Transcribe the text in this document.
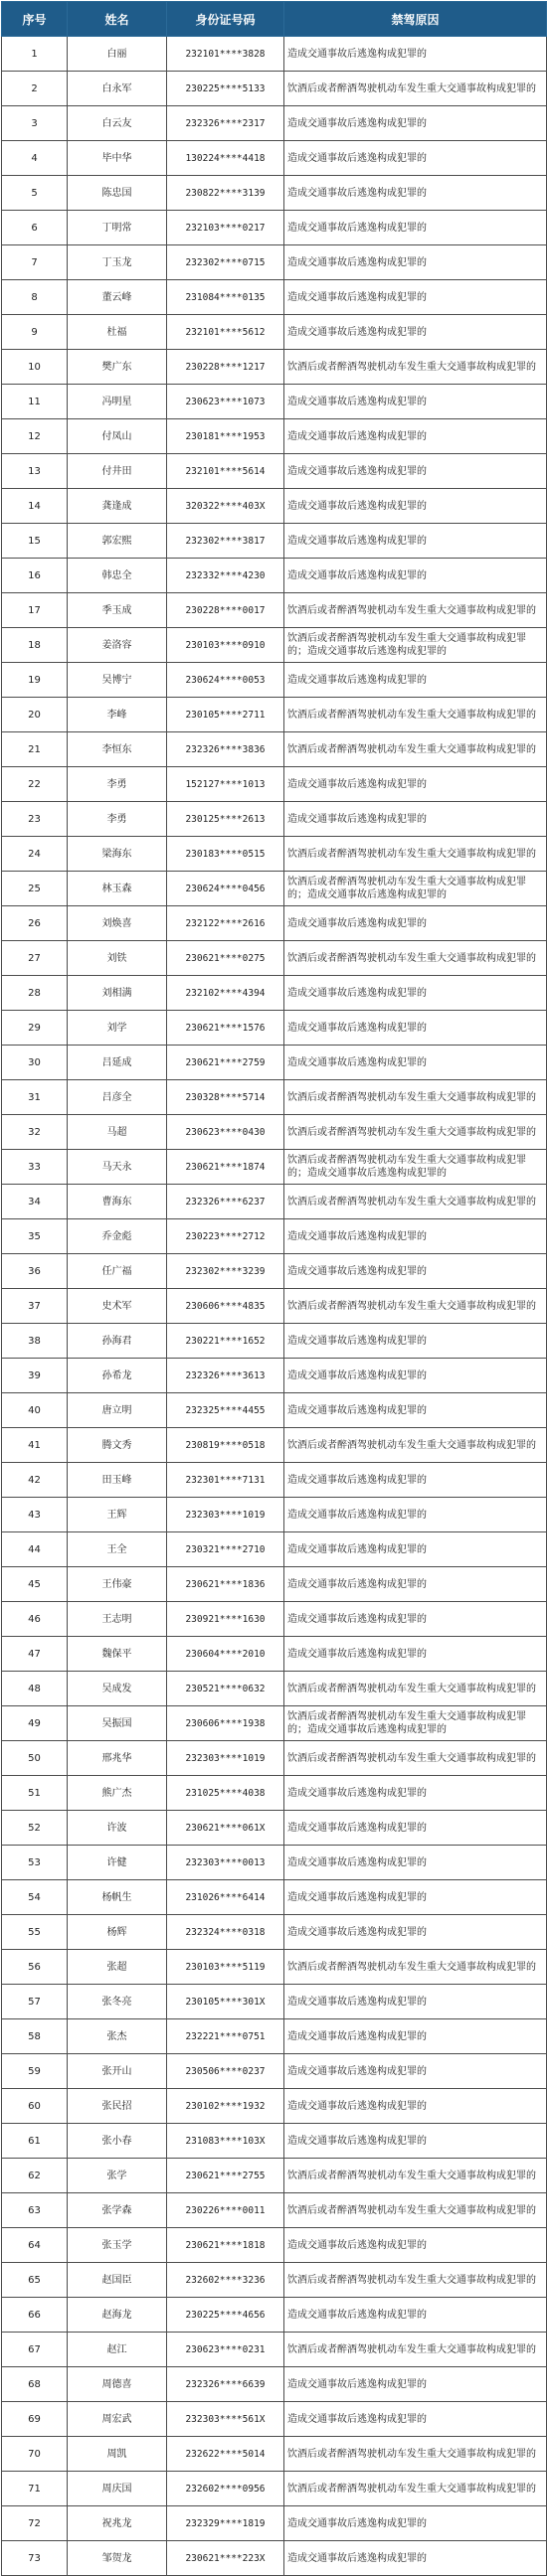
序号	姓名	身份证号码	禁驾原因
1	白丽	232101****3828	造成交通事故后逃逸构成犯罪的
2	白永军	230225****5133	饮酒后或者醉酒驾驶机动车发生重大交通事故构成犯罪的
3	白云友	232326****2317	造成交通事故后逃逸构成犯罪的
4	毕中华	130224****4418	造成交通事故后逃逸构成犯罪的
5	陈忠国	230822****3139	造成交通事故后逃逸构成犯罪的
6	丁明常	232103****0217	造成交通事故后逃逸构成犯罪的
7	丁玉龙	232302****0715	造成交通事故后逃逸构成犯罪的
8	董云峰	231084****0135	造成交通事故后逃逸构成犯罪的
9	杜福	232101****5612	造成交通事故后逃逸构成犯罪的
10	樊广东	230228****1217	饮酒后或者醉酒驾驶机动车发生重大交通事故构成犯罪的
11	冯明星	230623****1073	造成交通事故后逃逸构成犯罪的
12	付凤山	230181****1953	造成交通事故后逃逸构成犯罪的
13	付井田	232101****5614	造成交通事故后逃逸构成犯罪的
14	龚逢成	320322****403X	造成交通事故后逃逸构成犯罪的
15	郭宏熙	232302****3817	造成交通事故后逃逸构成犯罪的
16	韩忠全	232332****4230	造成交通事故后逃逸构成犯罪的
17	季玉成	230228****0017	饮酒后或者醉酒驾驶机动车发生重大交通事故构成犯罪的
18	姜洛容	230103****0910	饮酒后或者醉酒驾驶机动车发生重大交通事故构成犯罪的；造成交通事故后逃逸构成犯罪的
19	吴博宁	230624****0053	造成交通事故后逃逸构成犯罪的
20	李峰	230105****2711	饮酒后或者醉酒驾驶机动车发生重大交通事故构成犯罪的
21	李恒东	232326****3836	饮酒后或者醉酒驾驶机动车发生重大交通事故构成犯罪的
22	李勇	152127****1013	造成交通事故后逃逸构成犯罪的
23	李勇	230125****2613	造成交通事故后逃逸构成犯罪的
24	梁海东	230183****0515	饮酒后或者醉酒驾驶机动车发生重大交通事故构成犯罪的
25	林玉森	230624****0456	饮酒后或者醉酒驾驶机动车发生重大交通事故构成犯罪的；造成交通事故后逃逸构成犯罪的
26	刘焕喜	232122****2616	造成交通事故后逃逸构成犯罪的
27	刘铁	230621****0275	饮酒后或者醉酒驾驶机动车发生重大交通事故构成犯罪的
28	刘相满	232102****4394	造成交通事故后逃逸构成犯罪的
29	刘学	230621****1576	造成交通事故后逃逸构成犯罪的
30	吕延成	230621****2759	造成交通事故后逃逸构成犯罪的
31	吕彦全	230328****5714	饮酒后或者醉酒驾驶机动车发生重大交通事故构成犯罪的
32	马超	230623****0430	饮酒后或者醉酒驾驶机动车发生重大交通事故构成犯罪的
33	马天永	230621****1874	饮酒后或者醉酒驾驶机动车发生重大交通事故构成犯罪的；造成交通事故后逃逸构成犯罪的
34	曹海东	232326****6237	饮酒后或者醉酒驾驶机动车发生重大交通事故构成犯罪的
35	乔金彪	230223****2712	造成交通事故后逃逸构成犯罪的
36	任广福	232302****3239	造成交通事故后逃逸构成犯罪的
37	史术军	230606****4835	饮酒后或者醉酒驾驶机动车发生重大交通事故构成犯罪的
38	孙海君	230221****1652	造成交通事故后逃逸构成犯罪的
39	孙希龙	232326****3613	造成交通事故后逃逸构成犯罪的
40	唐立明	232325****4455	造成交通事故后逃逸构成犯罪的
41	腾文秀	230819****0518	饮酒后或者醉酒驾驶机动车发生重大交通事故构成犯罪的
42	田玉峰	232301****7131	造成交通事故后逃逸构成犯罪的
43	王辉	232303****1019	造成交通事故后逃逸构成犯罪的
44	王全	230321****2710	造成交通事故后逃逸构成犯罪的
45	王伟豪	230621****1836	造成交通事故后逃逸构成犯罪的
46	王志明	230921****1630	造成交通事故后逃逸构成犯罪的
47	魏保平	230604****2010	造成交通事故后逃逸构成犯罪的
48	吴成发	230521****0632	饮酒后或者醉酒驾驶机动车发生重大交通事故构成犯罪的
49	吴振国	230606****1938	饮酒后或者醉酒驾驶机动车发生重大交通事故构成犯罪的；造成交通事故后逃逸构成犯罪的
50	邢兆华	232303****1019	饮酒后或者醉酒驾驶机动车发生重大交通事故构成犯罪的
51	熊广杰	231025****4038	造成交通事故后逃逸构成犯罪的
52	许波	230621****061X	造成交通事故后逃逸构成犯罪的
53	许健	232303****0013	造成交通事故后逃逸构成犯罪的
54	杨帆生	231026****6414	造成交通事故后逃逸构成犯罪的
55	杨辉	232324****0318	造成交通事故后逃逸构成犯罪的
56	张超	230103****5119	饮酒后或者醉酒驾驶机动车发生重大交通事故构成犯罪的
57	张冬亮	230105****301X	造成交通事故后逃逸构成犯罪的
58	张杰	232221****0751	造成交通事故后逃逸构成犯罪的
59	张开山	230506****0237	造成交通事故后逃逸构成犯罪的
60	张民招	230102****1932	造成交通事故后逃逸构成犯罪的
61	张小春	231083****103X	造成交通事故后逃逸构成犯罪的
62	张学	230621****2755	饮酒后或者醉酒驾驶机动车发生重大交通事故构成犯罪的
63	张学森	230226****0011	饮酒后或者醉酒驾驶机动车发生重大交通事故构成犯罪的
64	张玉学	230621****1818	造成交通事故后逃逸构成犯罪的
65	赵国臣	232602****3236	饮酒后或者醉酒驾驶机动车发生重大交通事故构成犯罪的
66	赵海龙	230225****4656	造成交通事故后逃逸构成犯罪的
67	赵江	230623****0231	饮酒后或者醉酒驾驶机动车发生重大交通事故构成犯罪的
68	周德喜	232326****6639	造成交通事故后逃逸构成犯罪的
69	周宏武	232303****561X	造成交通事故后逃逸构成犯罪的
70	周凯	232622****5014	饮酒后或者醉酒驾驶机动车发生重大交通事故构成犯罪的
71	周庆国	232602****0956	饮酒后或者醉酒驾驶机动车发生重大交通事故构成犯罪的
72	祝兆龙	232329****1819	造成交通事故后逃逸构成犯罪的
73	邹贺龙	230621****223X	造成交通事故后逃逸构成犯罪的
